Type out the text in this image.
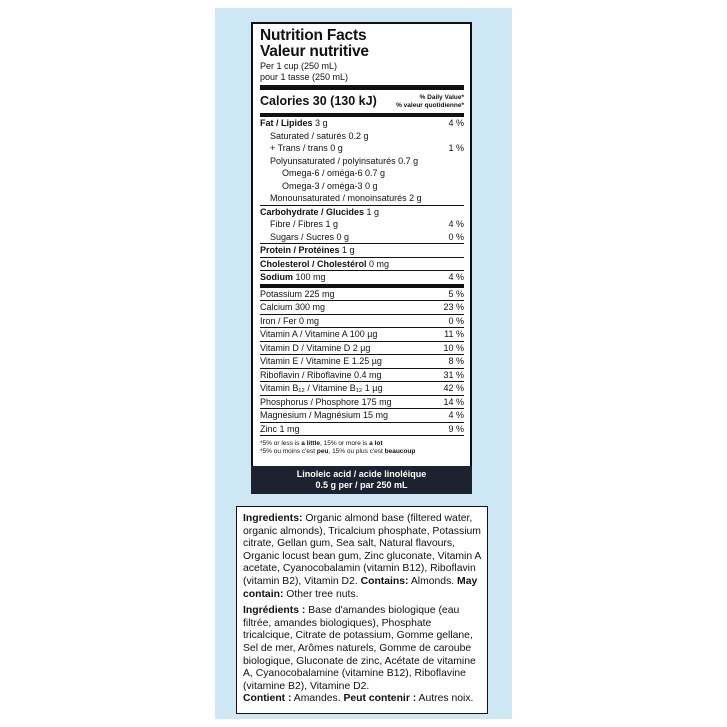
Nutrition Facts
Valeur nutritive
Per 1 cup (250 mL)
pour 1 tasse (250 mL)
Calories 30 (130 kJ)	% Daily Value*
% valeur quotidienne*
Fat / Lipides 3 g	4 %
Saturated / saturés 0.2 g
+ Trans / trans 0 g	1 %
Polyunsaturated / polyinsaturés 0.7 g
Omega-6 / oméga-6 0.7 g
Omega-3 / oméga-3 0 g
Monounsaturated / monoinsaturés 2 g
Carbohydrate / Glucides 1 g
Fibre / Fibres 1 g	4 %
Sugars / Sucres 0 g	0 %
Protein / Protéines 1 g
Cholesterol / Cholestérol 0 mg
Sodium 100 mg	4 %
Potassium 225 mg	5 %
Calcium 300 mg	23 %
Iron / Fer 0 mg	0 %
Vitamin A / Vitamine A 100 µg	11 %
Vitamin D / Vitamine D 2 µg	10 %
Vitamin E / Vitamine E 1.25 µg	8 %
Riboflavin / Riboflavine 0.4 mg	31 %
Vitamin B₁₂ / Vitamine B₁₂ 1 µg	42 %
Phosphorus / Phosphore 175 mg	14 %
Magnesium / Magnésium 15 mg	4 %
Zinc 1 mg	9 %
*5% or less is a little, 15% or more is a lot
*5% ou moins c'est peu, 15% ou plus c'est beaucoup
Linoleic acid / acide linoléique
0.5 g per / par 250 mL

Ingredients: Organic almond base (filtered water, organic almonds), Tricalcium phosphate, Potassium citrate, Gellan gum, Sea salt, Natural flavours, Organic locust bean gum, Zinc gluconate, Vitamin A acetate, Cyanocobalamin (vitamin B12), Riboflavin (vitamin B2), Vitamin D2. Contains: Almonds. May contain: Other tree nuts.

Ingrédients : Base d'amandes biologique (eau filtrée, amandes biologiques), Phosphate tricalcique, Citrate de potassium, Gomme gellane, Sel de mer, Arômes naturels, Gomme de caroube biologique, Gluconate de zinc, Acétate de vitamine A, Cyanocobalamine (vitamine B12), Riboflavine (vitamine B2), Vitamine D2.
Contient : Amandes. Peut contenir : Autres noix.
